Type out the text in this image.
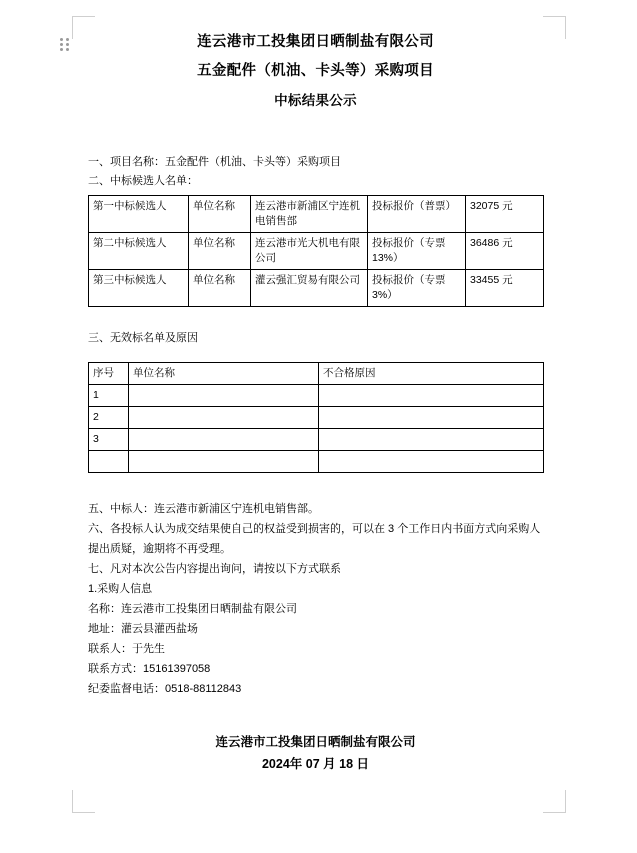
连云港市工投集团日晒制盐有限公司
五金配件（机油、卡头等）采购项目
中标结果公示
一、项目名称：五金配件（机油、卡头等）采购项目
二、中标候选人名单：
第一中标候选人	单位名称	连云港市新浦区宁连机电销售部	投标报价（普票）	32075 元
第二中标候选人	单位名称	连云港市光大机电有限公司	投标报价（专票13%）	36486 元
第三中标候选人	单位名称	灌云强汇贸易有限公司	投标报价（专票3%）	33455 元
三、无效标名单及原因
序号	单位名称	不合格原因
1		
2		
3		

五、中标人：连云港市新浦区宁连机电销售部。
六、各投标人认为成交结果使自己的权益受到损害的，可以在 3 个工作日内书面方式向采购人提出质疑，逾期将不再受理。
七、凡对本次公告内容提出询问，请按以下方式联系
1.采购人信息
名称：连云港市工投集团日晒制盐有限公司
地址：灌云县灌西盐场
联系人：于先生
联系方式：15161397058
纪委监督电话：0518-88112843
连云港市工投集团日晒制盐有限公司
2024年 07 月 18 日
